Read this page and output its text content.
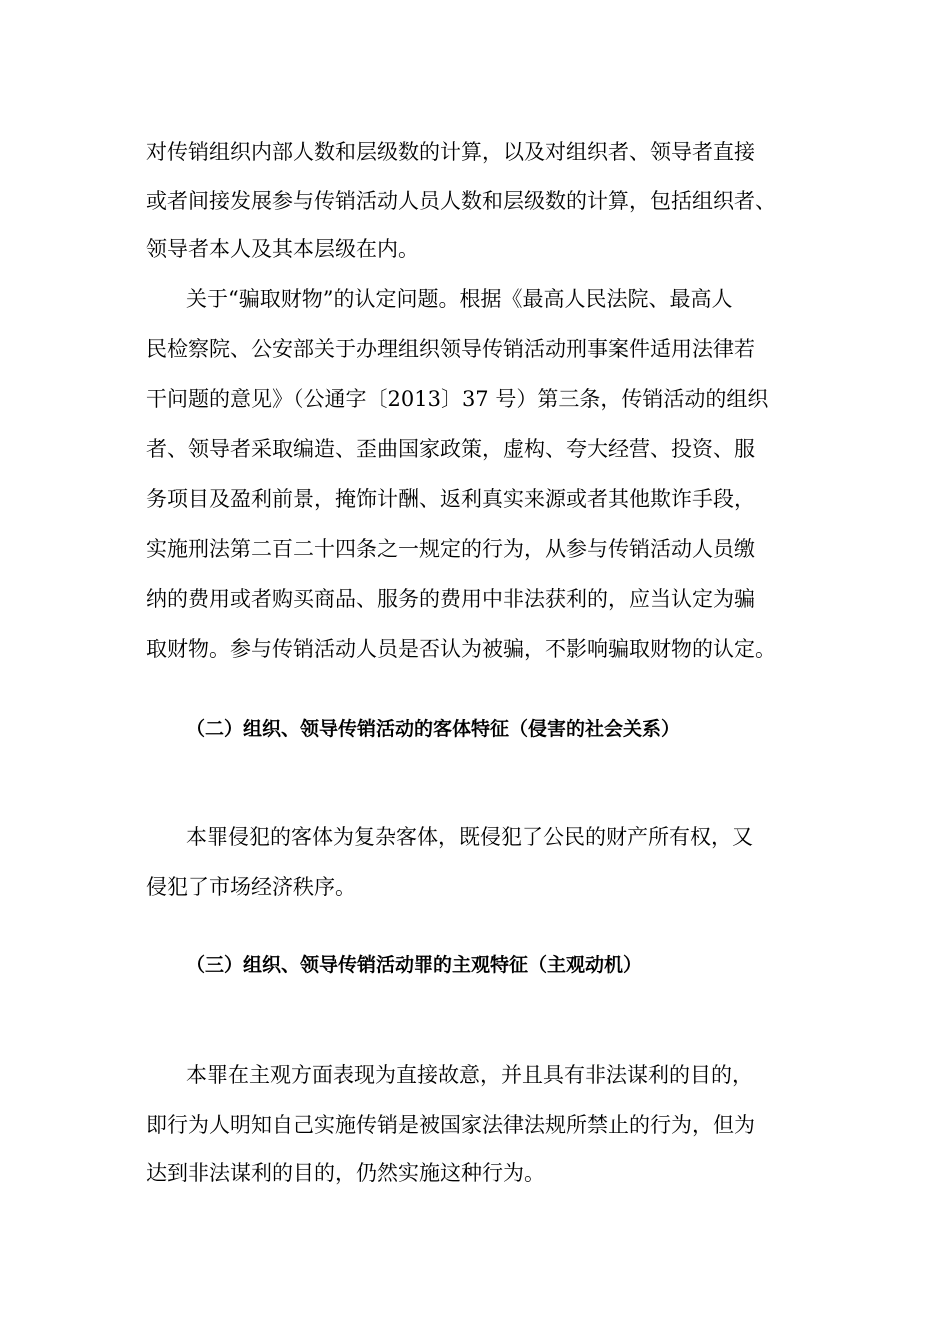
对传销组织内部人数和层级数的计算，以及对组织者、领导者直接
或者间接发展参与传销活动人员人数和层级数的计算，包括组织者、
领导者本人及其本层级在内。
关于“骗取财物”的认定问题。根据《最高人民法院、最高人
民检察院、公安部关于办理组织领导传销活动刑事案件适用法律若
干问题的意见》（公通字〔2013〕37 号）第三条，传销活动的组织
者、领导者采取编造、歪曲国家政策，虚构、夸大经营、投资、服
务项目及盈利前景，掩饰计酬、返利真实来源或者其他欺诈手段，
实施刑法第二百二十四条之一规定的行为，从参与传销活动人员缴
纳的费用或者购买商品、服务的费用中非法获利的，应当认定为骗
取财物。参与传销活动人员是否认为被骗，不影响骗取财物的认定。
（二）组织、领导传销活动的客体特征（侵害的社会关系）
本罪侵犯的客体为复杂客体，既侵犯了公民的财产所有权，又
侵犯了市场经济秩序。
（三）组织、领导传销活动罪的主观特征（主观动机）
本罪在主观方面表现为直接故意，并且具有非法谋利的目的，
即行为人明知自己实施传销是被国家法律法规所禁止的行为，但为
达到非法谋利的目的，仍然实施这种行为。
